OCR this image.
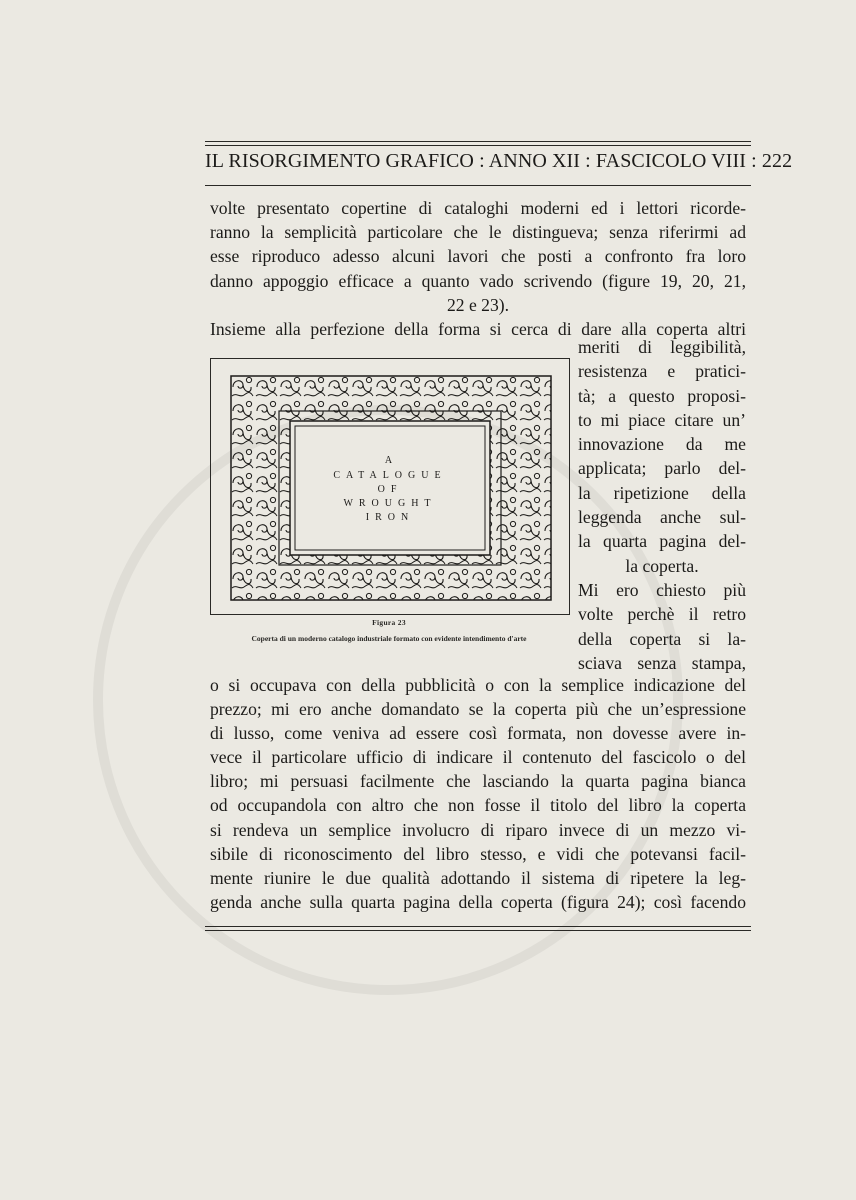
IL RISORGIMENTO GRAFICO : ANNO XII : FASCICOLO VIII : 222

volte presentato copertine di cataloghi moderni ed i lettori ricorde-

ranno la semplicità particolare che le distingueva; senza riferirmi ad

esse riproduco adesso alcuni lavori che posti a confronto fra loro

danno appoggio efficace a quanto vado scrivendo (figure 19, 20, 21,

22 e 23).

Insieme alla perfezione della forma si cerca di dare alla coperta altri

A
CATALOGUE
OF
WROUGHT
IRON
Figura 23
Coperta di un moderno catalogo industriale formato con evidente intendimento d'arte

meriti di leggibilità,

resistenza e pratici-

tà; a questo proposi-

to mi piace citare un’

innovazione da me

applicata; parlo del-

la ripetizione della

leggenda anche sul-

la quarta pagina del-

la coperta.

Mi ero chiesto più

volte perchè il retro

della coperta si la-

sciava senza stampa,

o si occupava con della pubblicità o con la semplice indicazione del

prezzo; mi ero anche domandato se la coperta più che un’espressione

di lusso, come veniva ad essere così formata, non dovesse avere in-

vece il particolare ufficio di indicare il contenuto del fascicolo o del

libro; mi persuasi facilmente che lasciando la quarta pagina bianca

od occupandola con altro che non fosse il titolo del libro la coperta

si rendeva un semplice involucro di riparo invece di un mezzo vi-

sibile di riconoscimento del libro stesso, e vidi che potevansi facil-

mente riunire le due qualità adottando il sistema di ripetere la leg-

genda anche sulla quarta pagina della coperta (figura 24); così facendo
